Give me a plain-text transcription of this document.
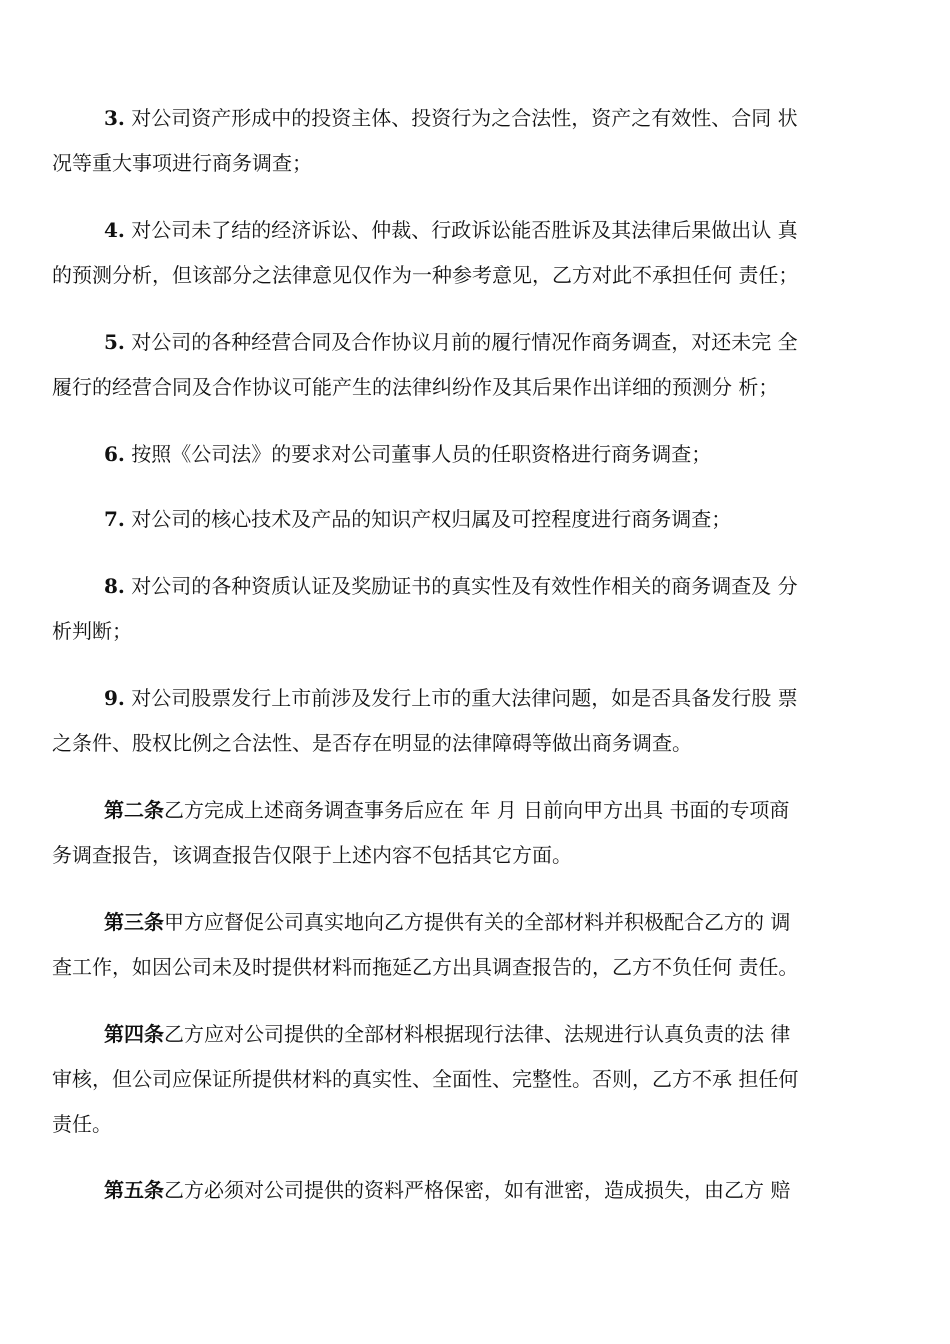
3. 对公司资产形成中的投资主体、投资行为之合法性，资产之有效性、合同 状
况等重大事项进行商务调查；
4. 对公司未了结的经济诉讼、仲裁、行政诉讼能否胜诉及其法律后果做出认 真
的预测分析，但该部分之法律意见仅作为一种参考意见，乙方对此不承担任何 责任；
5. 对公司的各种经营合同及合作协议月前的履行情况作商务调查，对还未完 全
履行的经营合同及合作协议可能产生的法律纠纷作及其后果作出详细的预测分 析；
6. 按照《公司法》的要求对公司董事人员的任职资格进行商务调查；
7. 对公司的核心技术及产品的知识产权归属及可控程度进行商务调查；
8. 对公司的各种资质认证及奖励证书的真实性及有效性作相关的商务调查及 分
析判断；
9. 对公司股票发行上市前涉及发行上市的重大法律问题，如是否具备发行股 票
之条件、股权比例之合法性、是否存在明显的法律障碍等做出商务调查。
第二条乙方完成上述商务调查事务后应在 年 月 日前向甲方出具 书面的专项商
务调查报告，该调查报告仅限于上述内容不包括其它方面。
第三条甲方应督促公司真实地向乙方提供有关的全部材料并积极配合乙方的 调
查工作，如因公司未及时提供材料而拖延乙方出具调查报告的，乙方不负任何 责任。
第四条乙方应对公司提供的全部材料根据现行法律、法规进行认真负责的法 律
审核，但公司应保证所提供材料的真实性、全面性、完整性。否则，乙方不承 担任何
责任。
第五条乙方必须对公司提供的资料严格保密，如有泄密，造成损失，由乙方 赔
